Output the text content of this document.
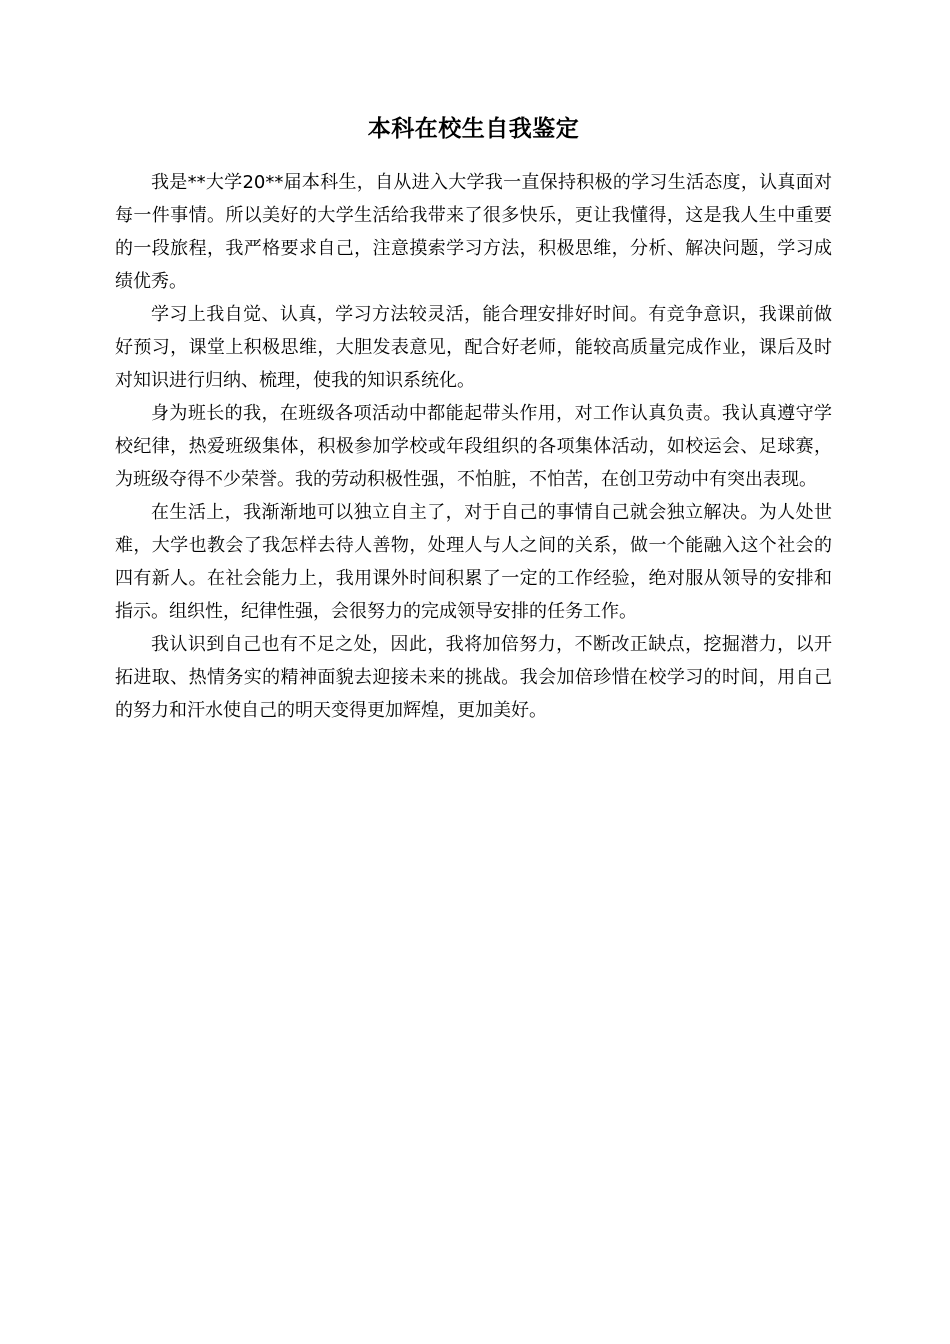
本科在校生自我鉴定

我是**大学20**届本科生，自从进入大学我一直保持积极的学习生活态度，认真面对每一件事情。所以美好的大学生活给我带来了很多快乐，更让我懂得，这是我人生中重要的一段旅程，我严格要求自己，注意摸索学习方法，积极思维，分析、解决问题，学习成绩优秀。

学习上我自觉、认真，学习方法较灵活，能合理安排好时间。有竞争意识，我课前做好预习，课堂上积极思维，大胆发表意见，配合好老师，能较高质量完成作业，课后及时对知识进行归纳、梳理，使我的知识系统化。

身为班长的我，在班级各项活动中都能起带头作用，对工作认真负责。我认真遵守学校纪律，热爱班级集体，积极参加学校或年段组织的各项集体活动，如校运会、足球赛，为班级夺得不少荣誉。我的劳动积极性强，不怕脏，不怕苦，在创卫劳动中有突出表现。

在生活上，我渐渐地可以独立自主了，对于自己的事情自己就会独立解决。为人处世难，大学也教会了我怎样去待人善物，处理人与人之间的关系，做一个能融入这个社会的四有新人。在社会能力上，我用课外时间积累了一定的工作经验，绝对服从领导的安排和指示。组织性，纪律性强，会很努力的完成领导安排的任务工作。

我认识到自己也有不足之处，因此，我将加倍努力，不断改正缺点，挖掘潜力，以开拓进取、热情务实的精神面貌去迎接未来的挑战。我会加倍珍惜在校学习的时间，用自己的努力和汗水使自己的明天变得更加辉煌，更加美好。
